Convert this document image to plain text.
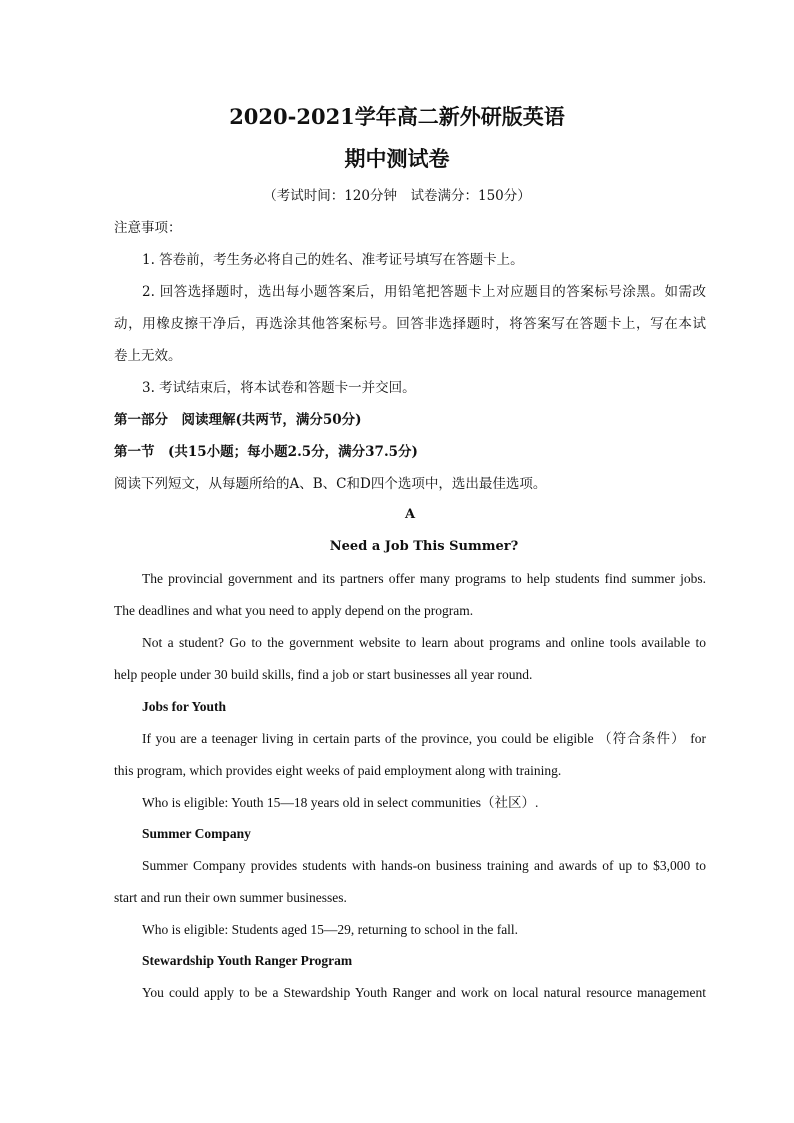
2020-2021学年高二新外研版英语
期中测试卷
（考试时间：120分钟　试卷满分：150分）
注意事项：
1. 答卷前，考生务必将自己的姓名、准考证号填写在答题卡上。
2. 回答选择题时，选出每小题答案后，用铅笔把答题卡上对应题目的答案标号涂黑。如需改
动，用橡皮擦干净后，再选涂其他答案标号。回答非选择题时，将答案写在答题卡上，写在本试
卷上无效。
3. 考试结束后，将本试卷和答题卡一并交回。
第一部分　阅读理解(共两节，满分50分)
第一节　(共15小题；每小题2.5分，满分37.5分)
阅读下列短文，从每题所给的A、B、C和D四个选项中，选出最佳选项。
A
Need a Job This Summer?
The provincial government and its partners offer many programs to help students find summer jobs.
The deadlines and what you need to apply depend on the program.
Not a student? Go to the government website to learn about programs and online tools available to
help people under 30 build skills, find a job or start businesses all year round.
Jobs for Youth
If you are a teenager living in certain parts of the province, you could be eligible （符合条件） for
this program, which provides eight weeks of paid employment along with training.
Who is eligible: Youth 15—18 years old in select communities（社区）.
Summer Company
Summer Company provides students with hands-on business training and awards of up to $3,000 to
start and run their own summer businesses.
Who is eligible: Students aged 15—29, returning to school in the fall.
Stewardship Youth Ranger Program
You could apply to be a Stewardship Youth Ranger and work on local natural resource management
